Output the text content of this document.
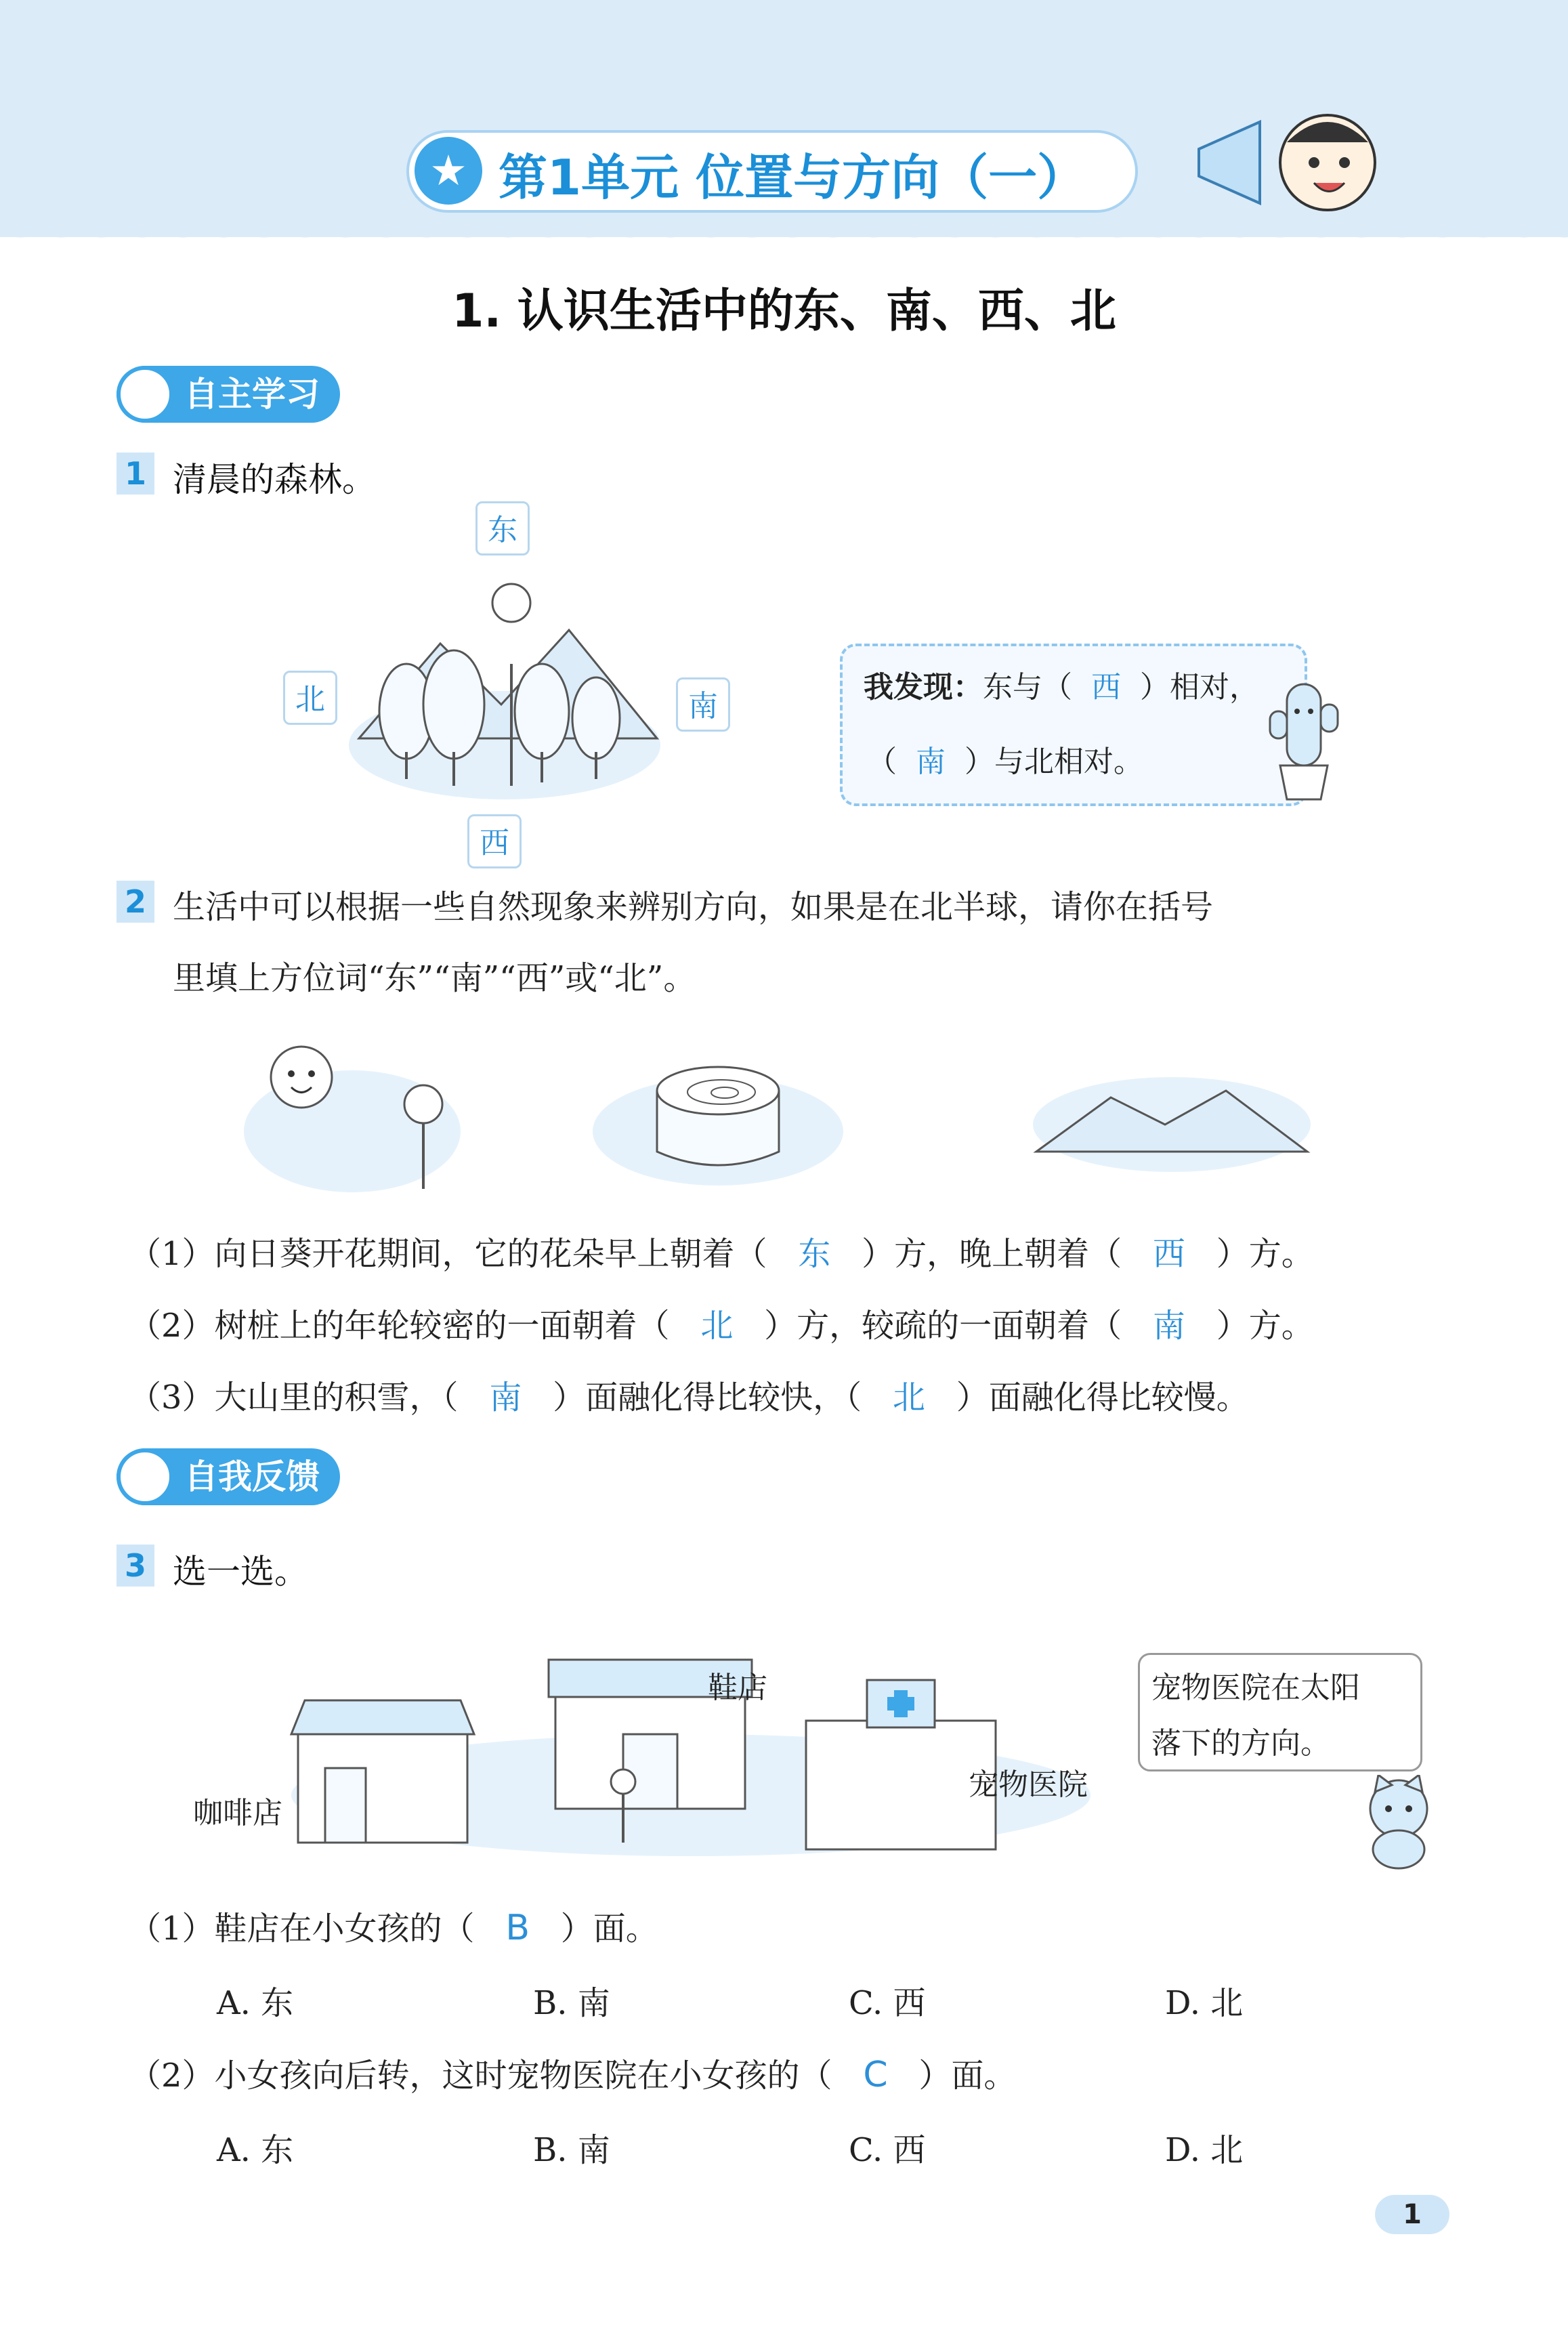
★ 第1单元 位置与方向（一）
1. 认识生活中的东、南、西、北
自主学习
1 清晨的森林。
东
北	南
西
我发现：东与（ 西 ）相对，
（ 南 ）与北相对。
2 生活中可以根据一些自然现象来辨别方向，如果是在北半球，请你在括号
里填上方位词“东”“南”“西”或“北”。
（1）向日葵开花期间，它的花朵早上朝着（ 东 ）方，晚上朝着（ 西 ）方。
（2）树桩上的年轮较密的一面朝着（ 北 ）方，较疏的一面朝着（ 南 ）方。
（3）大山里的积雪，（ 南 ）面融化得比较快，（ 北 ）面融化得比较慢。
自我反馈
3 选一选。
鞋店
咖啡店
宠物医院
宠物医院在太阳
落下的方向。
（1）鞋店在小女孩的（ B ）面。
A. 东	B. 南	C. 西	D. 北
（2）小女孩向后转，这时宠物医院在小女孩的（ C ）面。
A. 东	B. 南	C. 西	D. 北
1
